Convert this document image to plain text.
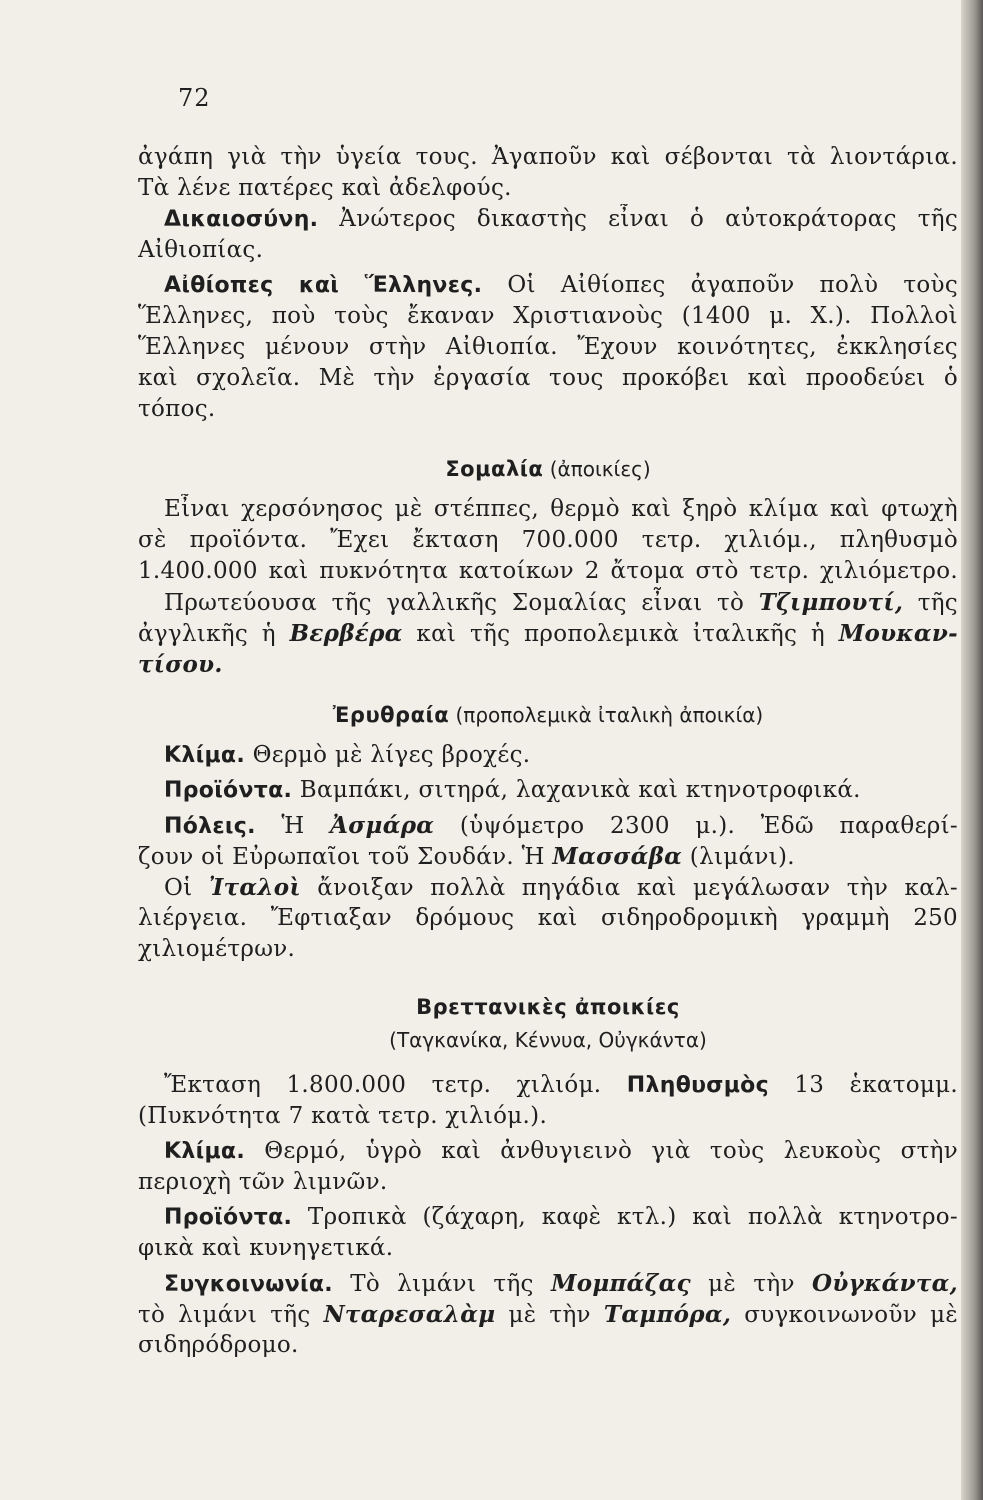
72
ἀγάπη γιὰ τὴν ὑγεία τους. Ἀγαποῦν καὶ σέβονται τὰ λιοντάρια.
Τὰ λένε πατέρες καὶ ἀδελφούς.
Δικαιοσύνη. Ἀνώτερος δικαστὴς εἶναι ὁ αὐτοκράτορας τῆς
Αἰθιοπίας.
Αἰθίοπες καὶ Ἕλληνες. Οἱ Αἰθίοπες ἀγαποῦν πολὺ τοὺς
Ἕλληνες, ποὺ τοὺς ἔκαναν Χριστιανοὺς (1400 μ. Χ.). Πολλοὶ
Ἕλληνες μένουν στὴν Αἰθιοπία. Ἔχουν κοινότητες, ἐκκλησίες
καὶ σχολεῖα. Μὲ τὴν ἐργασία τους προκόβει καὶ προοδεύει ὁ
τόπος.
Σομαλία (ἀποικίες)
Εἶναι χερσόνησος μὲ στέππες, θερμὸ καὶ ξηρὸ κλίμα καὶ φτωχὴ
σὲ προϊόντα. Ἔχει ἔκταση 700.000 τετρ. χιλιόμ., πληθυσμὸ
1.400.000 καὶ πυκνότητα κατοίκων 2 ἄτομα στὸ τετρ. χιλιόμετρο.
Πρωτεύουσα τῆς γαλλικῆς Σομαλίας εἶναι τὸ Τζιμπουτί, τῆς
ἀγγλικῆς ἡ Βερβέρα καὶ τῆς προπολεμικὰ ἰταλικῆς ἡ Μουκαν-
τίσου.
Ἐρυθραία (προπολεμικὰ ἰταλικὴ ἀποικία)
Κλίμα. Θερμὸ μὲ λίγες βροχές.
Προϊόντα. Βαμπάκι, σιτηρά, λαχανικὰ καὶ κτηνοτροφικά.
Πόλεις. Ἡ Ἀσμάρα (ὑψόμετρο 2300 μ.). Ἐδῶ παραθερί-
ζουν οἱ Εὐρωπαῖοι τοῦ Σουδάν. Ἡ Μασσάβα (λιμάνι).
Οἱ Ἰταλοὶ ἄνοιξαν πολλὰ πηγάδια καὶ μεγάλωσαν τὴν καλ-
λιέργεια. Ἔφτιαξαν δρόμους καὶ σιδηροδρομικὴ γραμμὴ 250
χιλιομέτρων.
Βρεττανικὲς ἀποικίες
(Ταγκανίκα, Κέννυα, Οὐγκάντα)
Ἔκταση 1.800.000 τετρ. χιλιόμ. Πληθυσμὸς 13 ἑκατομμ.
(Πυκνότητα 7 κατὰ τετρ. χιλιόμ.).
Κλίμα. Θερμό, ὑγρὸ καὶ ἀνθυγιεινὸ γιὰ τοὺς λευκοὺς στὴν
περιοχὴ τῶν λιμνῶν.
Προϊόντα. Τροπικὰ (ζάχαρη, καφὲ κτλ.) καὶ πολλὰ κτηνοτρο-
φικὰ καὶ κυνηγετικά.
Συγκοινωνία. Τὸ λιμάνι τῆς Μομπάζας μὲ τὴν Οὐγκάντα,
τὸ λιμάνι τῆς Νταρεσαλὰμ μὲ τὴν Ταμπόρα, συγκοινωνοῦν μὲ
σιδηρόδρομο.
